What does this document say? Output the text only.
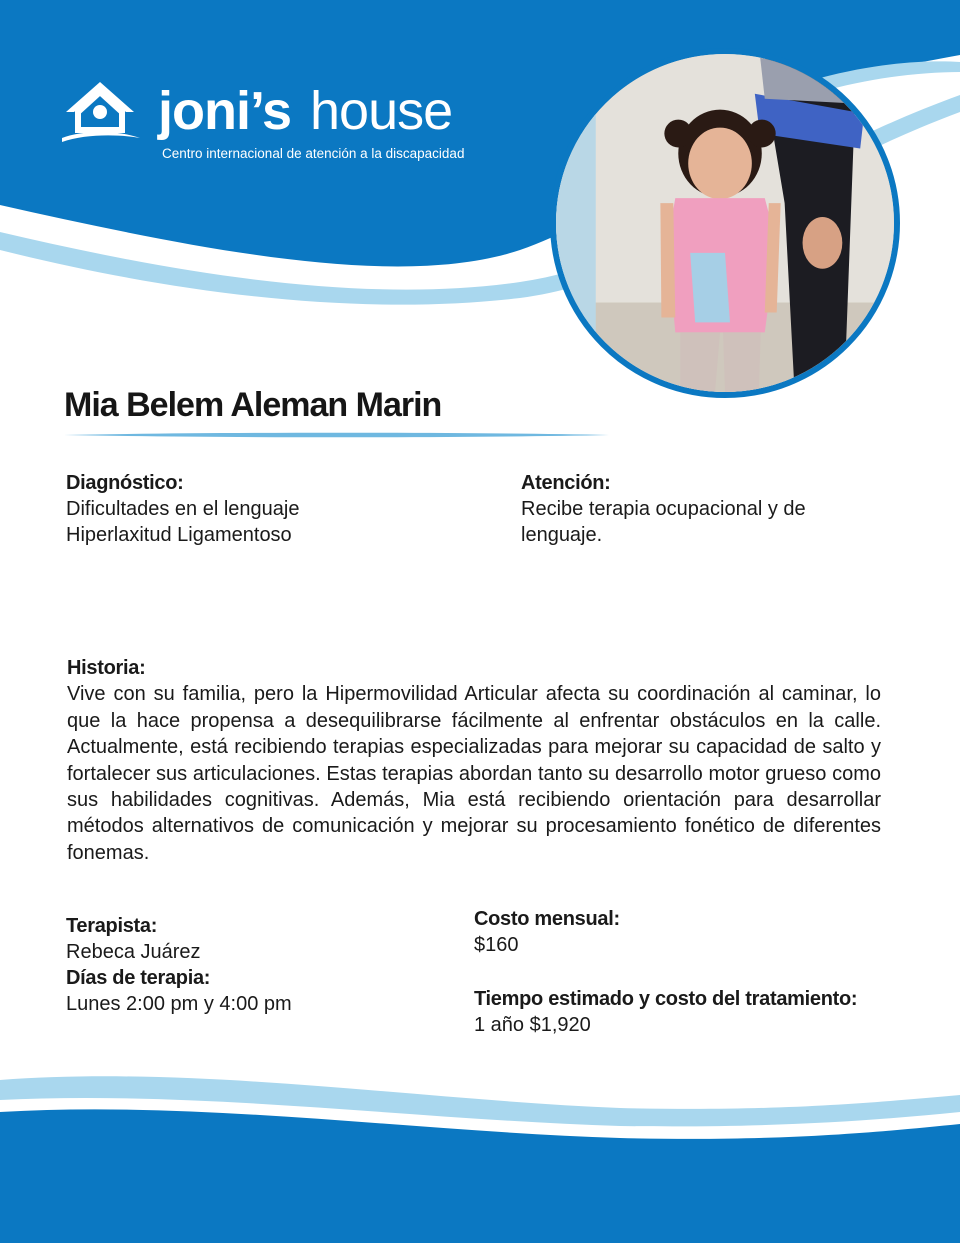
joni’s house
Centro internacional de atención a la discapacidad
Mia Belem Aleman Marin
Diagnóstico:
Dificultades en el lenguaje
Hiperlaxitud Ligamentoso
Atención:
Recibe terapia ocupacional y de
lenguaje.
Historia:
Vive con su familia, pero la Hipermovilidad Articular afecta su coordinación al caminar, lo que la hace propensa a desequilibrarse fácilmente al enfrentar obstáculos en la calle. Actualmente, está recibiendo terapias especializadas para mejorar su capacidad de salto y fortalecer sus articulaciones. Estas terapias abordan tanto su desarrollo motor grueso como sus habilidades cognitivas. Además, Mia está recibiendo orientación para desarrollar métodos alternativos de comunicación y mejorar su procesamiento fonético de diferentes fonemas.
Terapista:
Rebeca Juárez
Días de terapia:
Lunes 2:00 pm y 4:00 pm
Costo mensual:
$160
Tiempo estimado y costo del tratamiento:
1 año $1,920
